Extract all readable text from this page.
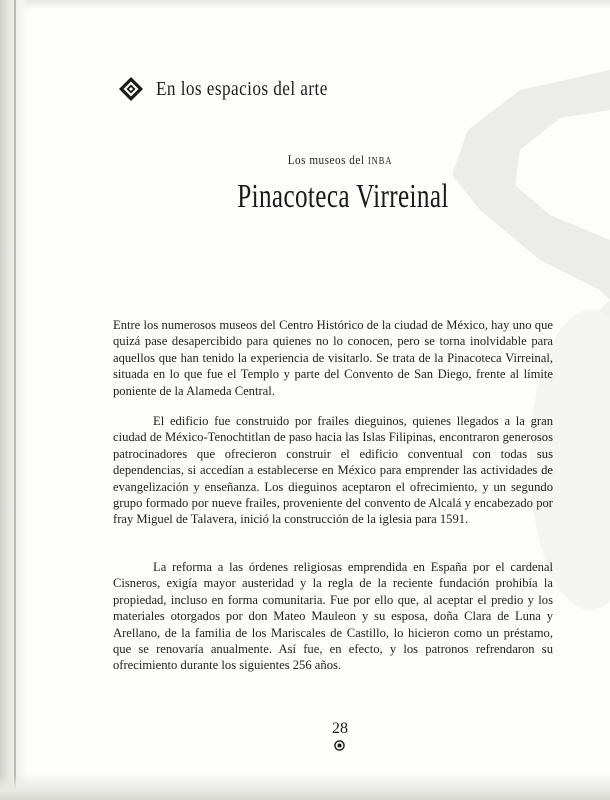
En los espacios del arte
Los museos del INBA
Pinacoteca Virreinal
Entre los numerosos museos del Centro Histórico de la ciudad de México, hay uno que quizá pase desapercibido para quienes no lo conocen, pero se torna inolvidable para aquellos que han tenido la experiencia de visitarlo. Se trata de la Pinacoteca Virreinal, situada en lo que fue el Templo y parte del Convento de San Diego, frente al límite poniente de la Alameda Central.
El edificio fue construido por frailes dieguinos, quienes llegados a la gran ciudad de México-Tenochtitlan de paso hacia las Islas Filipinas, encontraron generosos patrocinadores que ofrecieron construir el edificio conventual con todas sus dependencias, si accedían a establecerse en México para emprender las actividades de evangelización y enseñanza. Los dieguinos aceptaron el ofrecimiento, y un segundo grupo formado por nueve frailes, proveniente del convento de Alcalá y encabezado por fray Miguel de Talavera, inició la construcción de la iglesia para 1591.
La reforma a las órdenes religiosas emprendida en España por el cardenal Cisneros, exigía mayor austeridad y la regla de la reciente fundación prohibía la propiedad, incluso en forma comunitaria. Fue por ello que, al aceptar el predio y los materiales otorgados por don Mateo Mauleon y su esposa, doña Clara de Luna y Arellano, de la familia de los Mariscales de Castillo, lo hicieron como un préstamo, que se renovaría anualmente. Así fue, en efecto, y los patronos refrendaron su ofrecimiento durante los siguientes 256 años.
28
